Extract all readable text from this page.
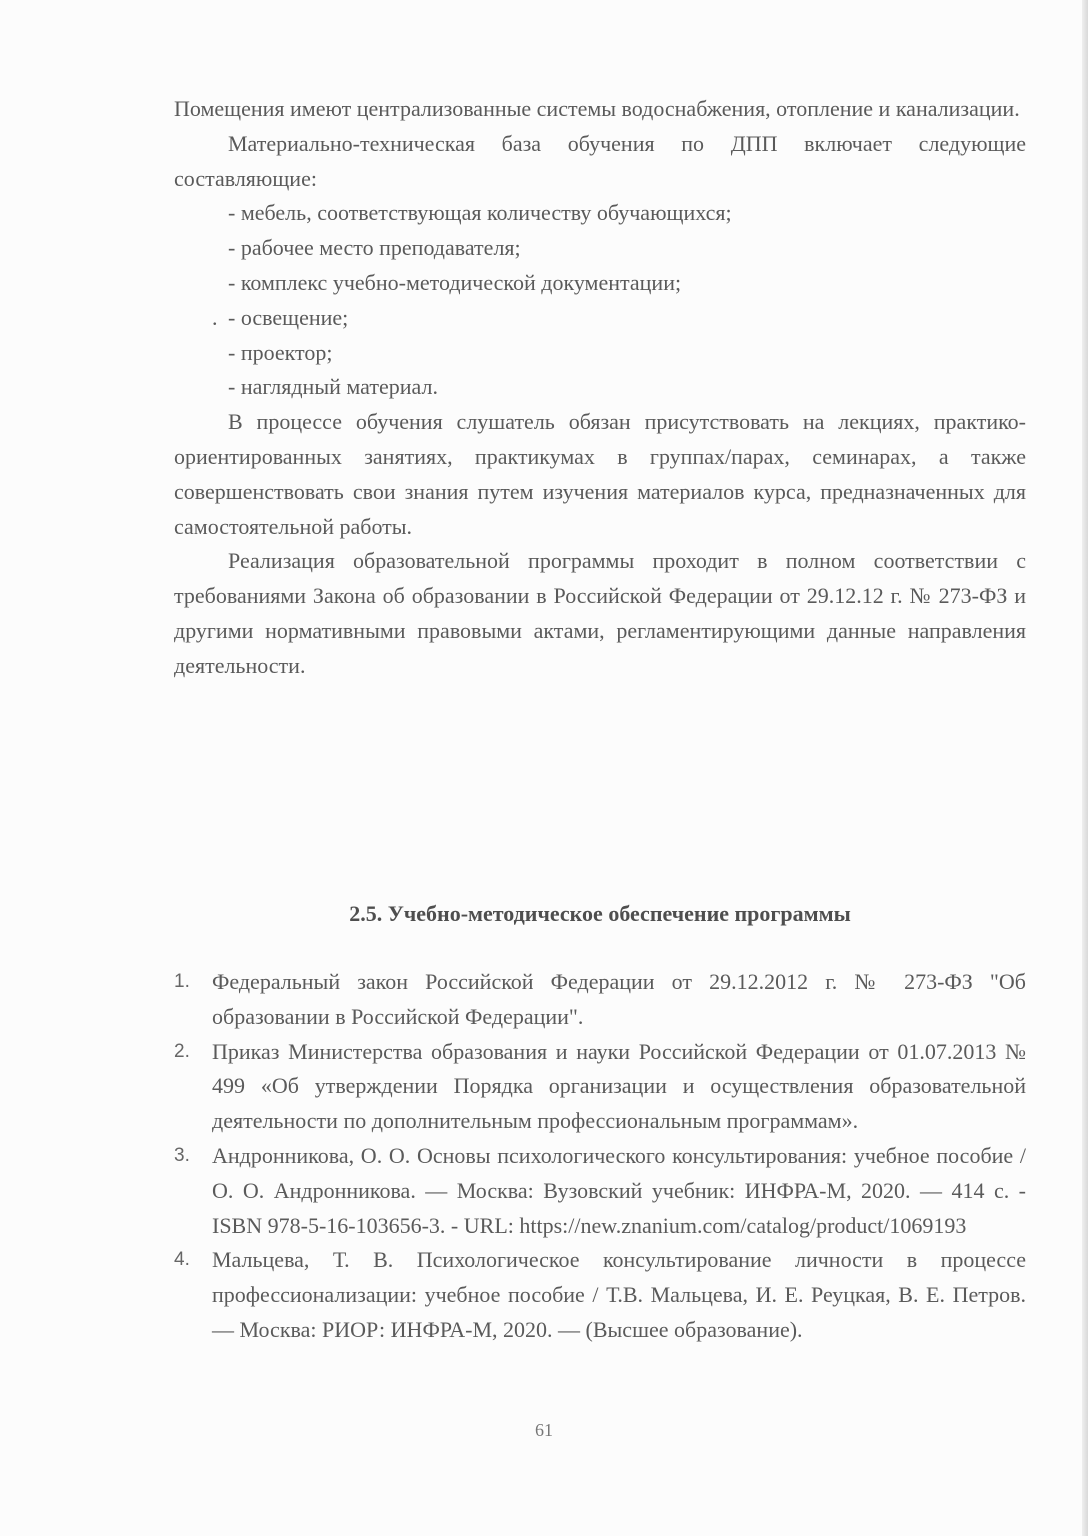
Помещения имеют централизованные системы водоснабжения, отопление и канализации.

Материально-техническая база обучения по ДПП включает следующие составляющие:

- мебель, соответствующая количеству обучающихся;

- рабочее место преподавателя;

- комплекс учебно-методической документации;

. - освещение;

- проектор;

- наглядный материал.

В процессе обучения слушатель обязан присутствовать на лекциях, практико-ориентированных занятиях, практикумах в группах/парах, семинарах, а также совершенствовать свои знания путем изучения материалов курса, предназначенных для самостоятельной работы.

Реализация образовательной программы проходит в полном соответствии с требованиями Закона об образовании в Российской Федерации от 29.12.12 г. № 273-ФЗ и другими нормативными правовыми актами, регламентирующими данные направления деятельности.

2.5. Учебно-методическое обеспечение программы
1. Федеральный закон Российской Федерации от 29.12.2012 г. № 273-ФЗ "Об образовании в Российской Федерации".
2. Приказ Министерства образования и науки Российской Федерации от 01.07.2013 № 499 «Об утверждении Порядка организации и осуществления образовательной деятельности по дополнительным профессиональным программам».
3. Андронникова, О. О. Основы психологического консультирования: учебное пособие / О. О. Андронникова. — Москва: Вузовский учебник: ИНФРА-М, 2020. — 414 с. - ISBN 978-5-16-103656-3. - URL: https://new.znanium.com/catalog/product/1069193
4. Мальцева, Т. В. Психологическое консультирование личности в процессе профессионализации: учебное пособие / Т.В. Мальцева, И. Е. Реуцкая, В. Е. Петров. — Москва: РИОР: ИНФРА-М, 2020. — (Высшее образование).
61
